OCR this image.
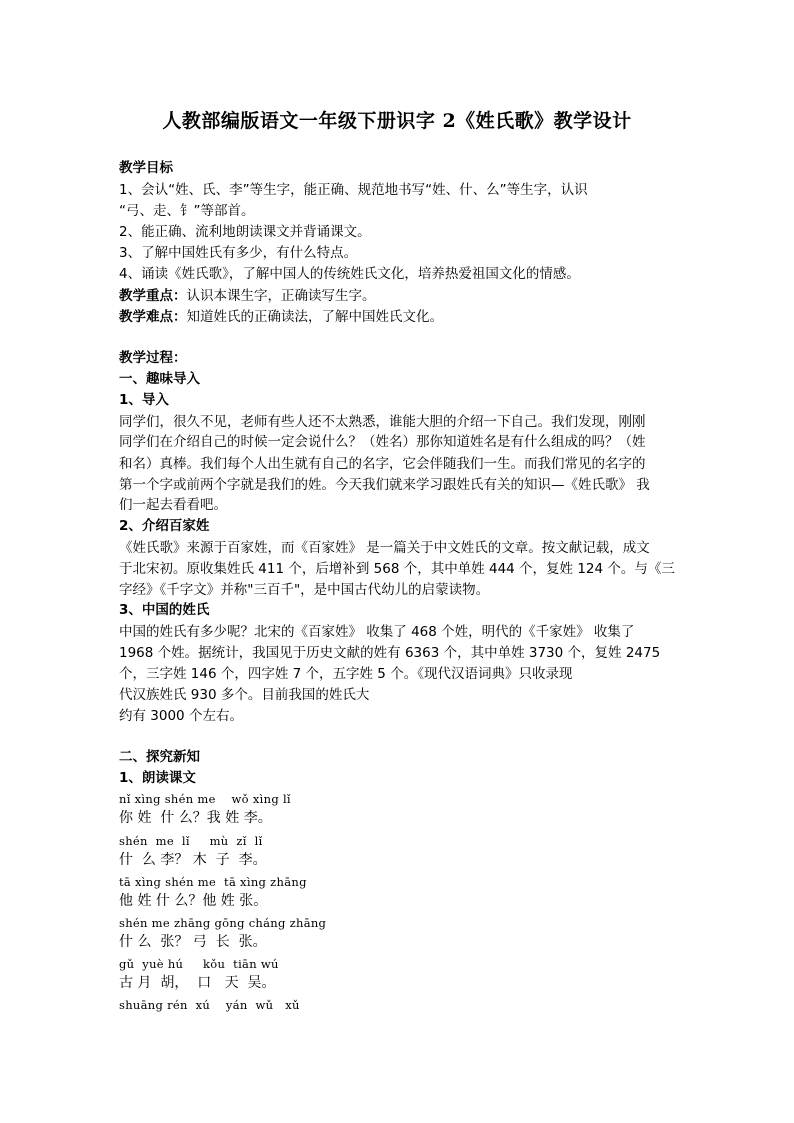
人教部编版语文一年级下册识字 2《姓氏歌》教学设计
教学目标
1、会认“姓、氏、李”等生字，能正确、规范地书写“姓、什、么”等生字，认识
“弓、走、钅”等部首。
2、能正确、流利地朗读课文并背诵课文。
3、了解中国姓氏有多少，有什么特点。
4、诵读《姓氏歌》，了解中国人的传统姓氏文化，培养热爱祖国文化的情感。
教学重点：认识本课生字，正确读写生字。
教学难点：知道姓氏的正确读法，了解中国姓氏文化。
教学过程：
一、趣味导入
1、导入
同学们，很久不见，老师有些人还不太熟悉，谁能大胆的介绍一下自己。我们发现，刚刚
同学们在介绍自己的时候一定会说什么？（姓名）那你知道姓名是有什么组成的吗？（姓
和名）真棒。我们每个人出生就有自己的名字，它会伴随我们一生。而我们常见的名字的
第一个字或前两个字就是我们的姓。今天我们就来学习跟姓氏有关的知识—《姓氏歌》 我
们一起去看看吧。
2、介绍百家姓
《姓氏歌》来源于百家姓，而《百家姓》 是一篇关于中文姓氏的文章。按文献记载，成文
于北宋初。原收集姓氏 411 个，后增补到 568 个，其中单姓 444 个，复姓 124 个。与《三
字经》《千字文》并称"三百千"，是中国古代幼儿的启蒙读物。
3、中国的姓氏
中国的姓氏有多少呢？北宋的《百家姓》 收集了 468 个姓，明代的《千家姓》 收集了
1968 个姓。据统计，我国见于历史文献的姓有 6363 个，其中单姓 3730 个，复姓 2475
个，三字姓 146 个，四字姓 7 个，五字姓 5 个。《现代汉语词典》只收录现
代汉族姓氏 930 多个。目前我国的姓氏大
约有 3000 个左右。
二、探究新知
1、朗读课文
nǐ xìng shén me    wǒ xìng lǐ
你 姓  什 么？我 姓 李。
shén  me  lǐ     mù  zǐ  lǐ
什  么 李？ 木  子  李。
tā xìng shén me  tā xìng zhāng
他 姓 什 么？他 姓 张。
shén me zhāng gōng cháng zhāng
什 么  张？ 弓  长  张。
gǔ  yuè hú     kǒu  tiān wú
古 月  胡，  口   天  吴。
shuāng rén  xú    yán  wǔ   xǔ
